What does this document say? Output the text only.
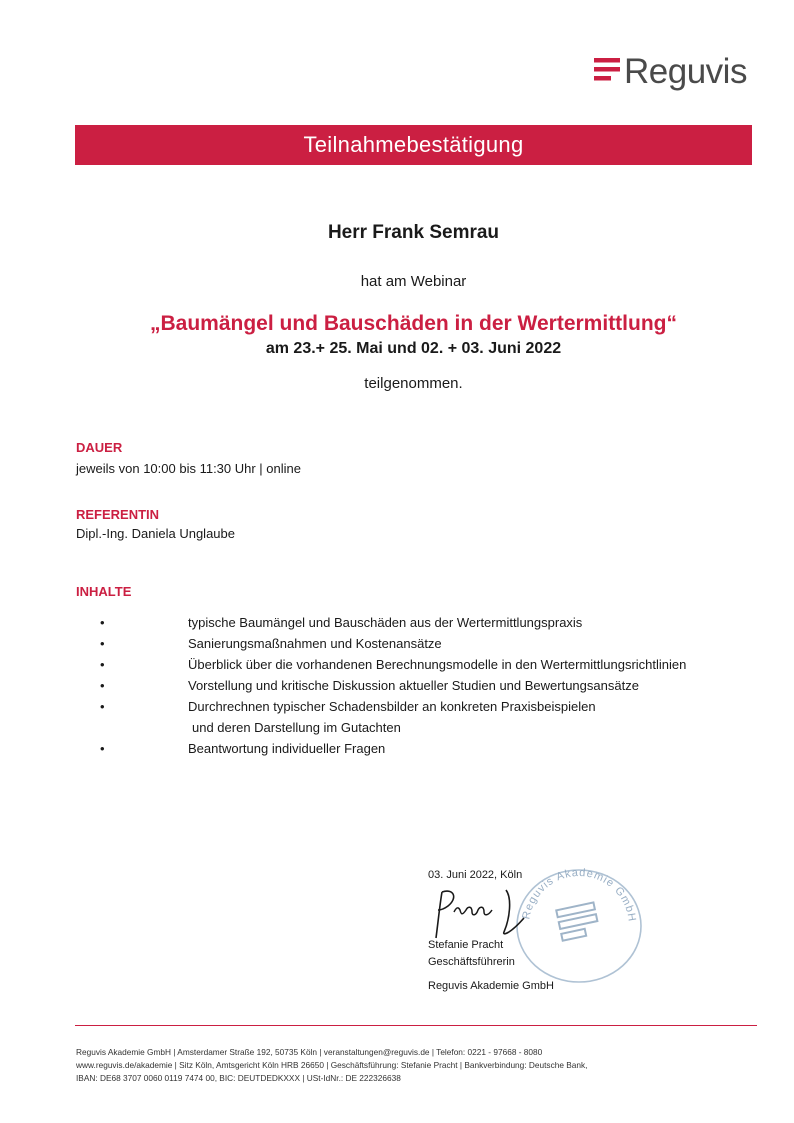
Reguvis
Teilnahmebestätigung
Herr Frank Semrau
hat am Webinar
„Baumängel und Bauschäden in der Wertermittlung“
am 23.+ 25. Mai und 02. + 03. Juni 2022
teilgenommen.
DAUER
jeweils von 10:00 bis 11:30 Uhr | online
REFERENTIN
Dipl.-Ing. Daniela Unglaube
INHALTE
•	typische Baumängel und Bauschäden aus der Wertermittlungspraxis
•	Sanierungsmaßnahmen und Kostenansätze
•	Überblick über die vorhandenen Berechnungsmodelle in den Wertermittlungsrichtlinien
•	Vorstellung und kritische Diskussion aktueller Studien und Bewertungsansätze
•	Durchrechnen typischer Schadensbilder an konkreten Praxisbeispielen
und deren Darstellung im Gutachten
•	Beantwortung individueller Fragen
03. Juni 2022, Köln
Reguvis Akademie GmbH
Stefanie Pracht
Geschäftsführerin
Reguvis Akademie GmbH
Reguvis Akademie GmbH | Amsterdamer Straße 192, 50735 Köln | veranstaltungen@reguvis.de | Telefon: 0221 - 97668 - 8080
www.reguvis.de/akademie | Sitz Köln, Amtsgericht Köln HRB 26650 | Geschäftsführung: Stefanie Pracht | Bankverbindung: Deutsche Bank,
IBAN: DE68 3707 0060 0119 7474 00, BIC: DEUTDEDKXXX | USt-IdNr.: DE 222326638
